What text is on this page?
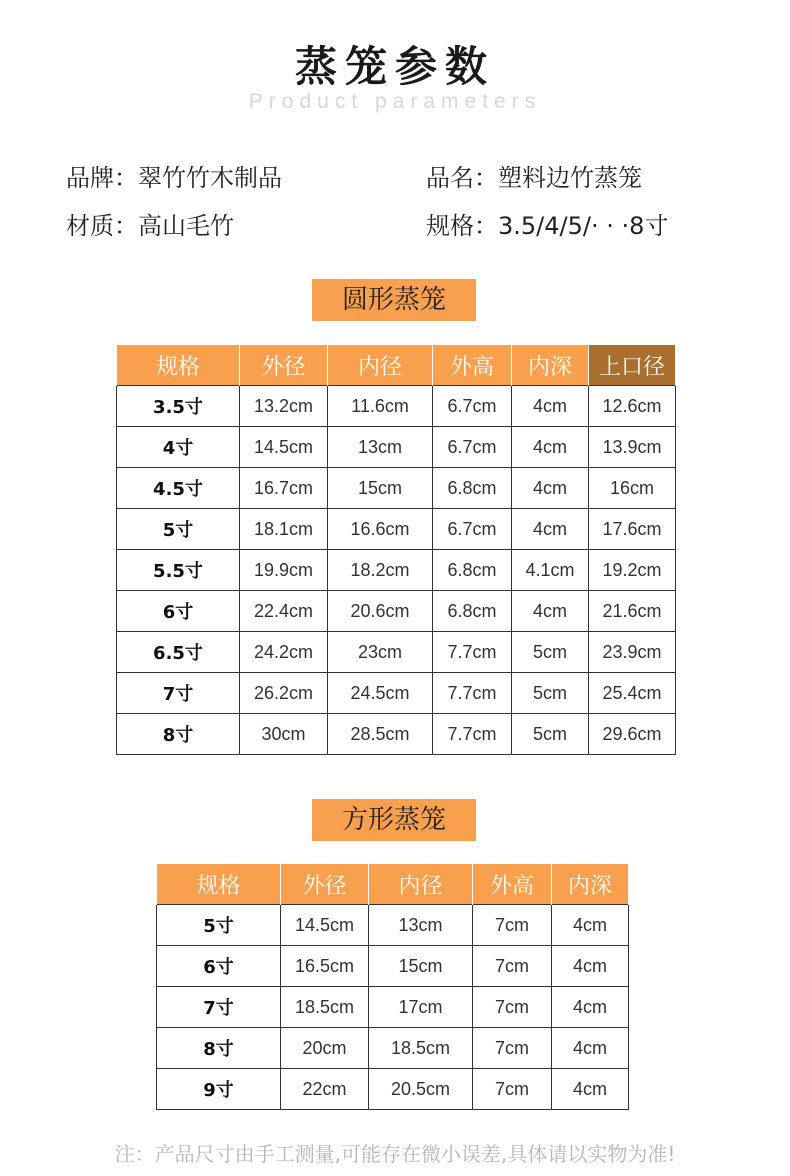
蒸笼参数
Product parameters
品牌：翠竹竹木制品	品名：塑料边竹蒸笼
材质：高山毛竹	规格：3.5/4/5/· · ·8寸
圆形蒸笼
规格	外径	内径	外高	内深	上口径
3.5寸	13.2cm	11.6cm	6.7cm	4cm	12.6cm
4寸	14.5cm	13cm	6.7cm	4cm	13.9cm
4.5寸	16.7cm	15cm	6.8cm	4cm	16cm
5寸	18.1cm	16.6cm	6.7cm	4cm	17.6cm
5.5寸	19.9cm	18.2cm	6.8cm	4.1cm	19.2cm
6寸	22.4cm	20.6cm	6.8cm	4cm	21.6cm
6.5寸	24.2cm	23cm	7.7cm	5cm	23.9cm
7寸	26.2cm	24.5cm	7.7cm	5cm	25.4cm
8寸	30cm	28.5cm	7.7cm	5cm	29.6cm
方形蒸笼
规格	外径	内径	外高	内深
5寸	14.5cm	13cm	7cm	4cm
6寸	16.5cm	15cm	7cm	4cm
7寸	18.5cm	17cm	7cm	4cm
8寸	20cm	18.5cm	7cm	4cm
9寸	22cm	20.5cm	7cm	4cm
注：产品尺寸由手工测量,可能存在微小误差,具体请以实物为准!
